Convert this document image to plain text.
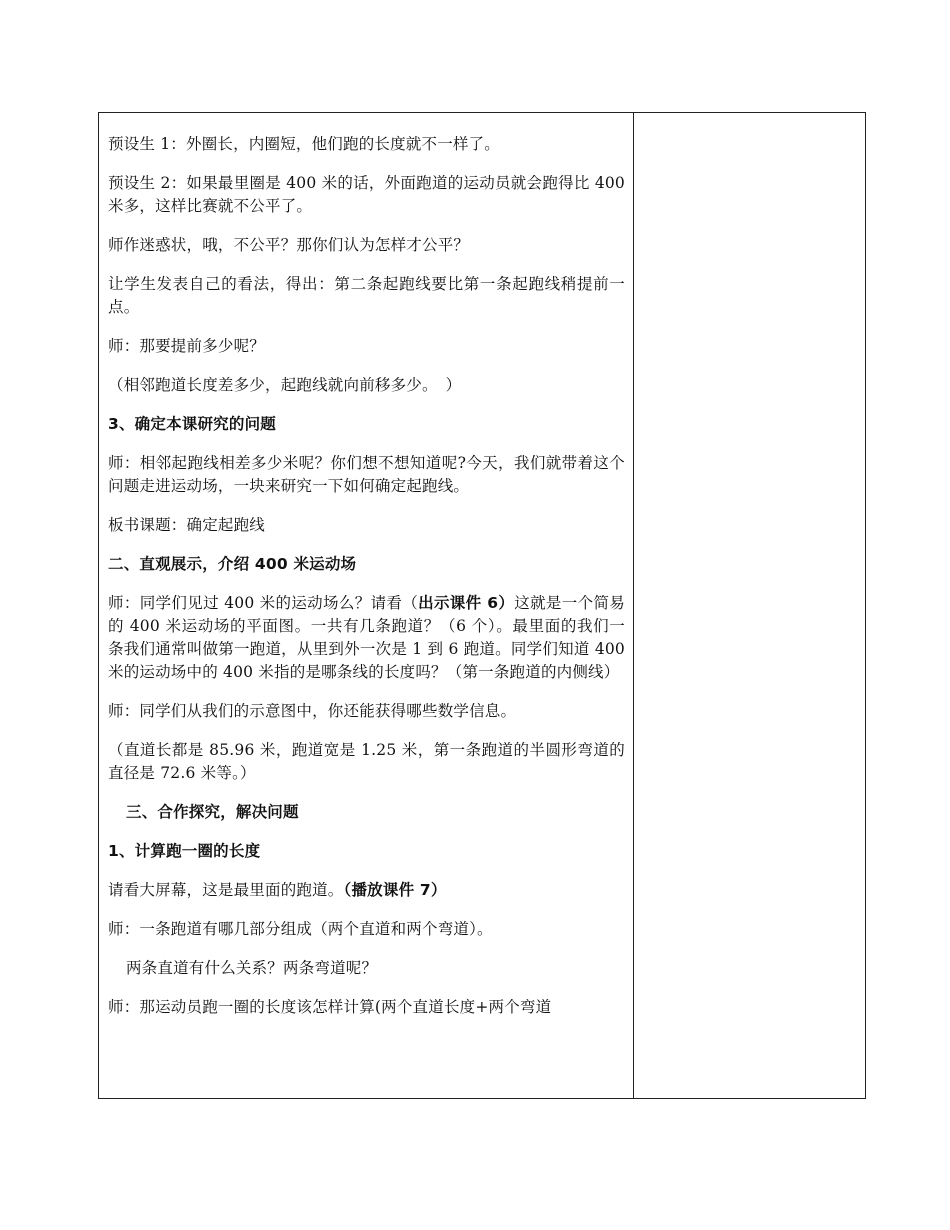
预设生 1：外圈长，内圈短，他们跑的长度就不一样了。

预设生 2：如果最里圈是 400 米的话，外面跑道的运动员就会跑得比 400 米多，这样比赛就不公平了。

师作迷惑状，哦，不公平？那你们认为怎样才公平？

让学生发表自己的看法，得出：第二条起跑线要比第一条起跑线稍提前一点。

师：那要提前多少呢？

（相邻跑道长度差多少，起跑线就向前移多少。　）

3、确定本课研究的问题

师：相邻起跑线相差多少米呢？你们想不想知道呢?今天，我们就带着这个问题走进运动场，一块来研究一下如何确定起跑线。

板书课题：确定起跑线

二、直观展示，介绍 400 米运动场

师：同学们见过 400 米的运动场么？请看（出示课件 6）这就是一个简易的 400 米运动场的平面图。一共有几条跑道？（6 个）。最里面的我们一条我们通常叫做第一跑道，从里到外一次是 1 到 6 跑道。同学们知道 400 米的运动场中的 400 米指的是哪条线的长度吗？（第一条跑道的内侧线）

师：同学们从我们的示意图中，你还能获得哪些数学信息。

（直道长都是 85.96 米，跑道宽是 1.25 米，第一条跑道的半圆形弯道的直径是 72.6 米等。）

三、合作探究，解决问题

1、计算跑一圈的长度

请看大屏幕，这是最里面的跑道。（播放课件 7）

师：一条跑道有哪几部分组成（两个直道和两个弯道）。

两条直道有什么关系？两条弯道呢？

师：那运动员跑一圈的长度该怎样计算(两个直道长度+两个弯道
